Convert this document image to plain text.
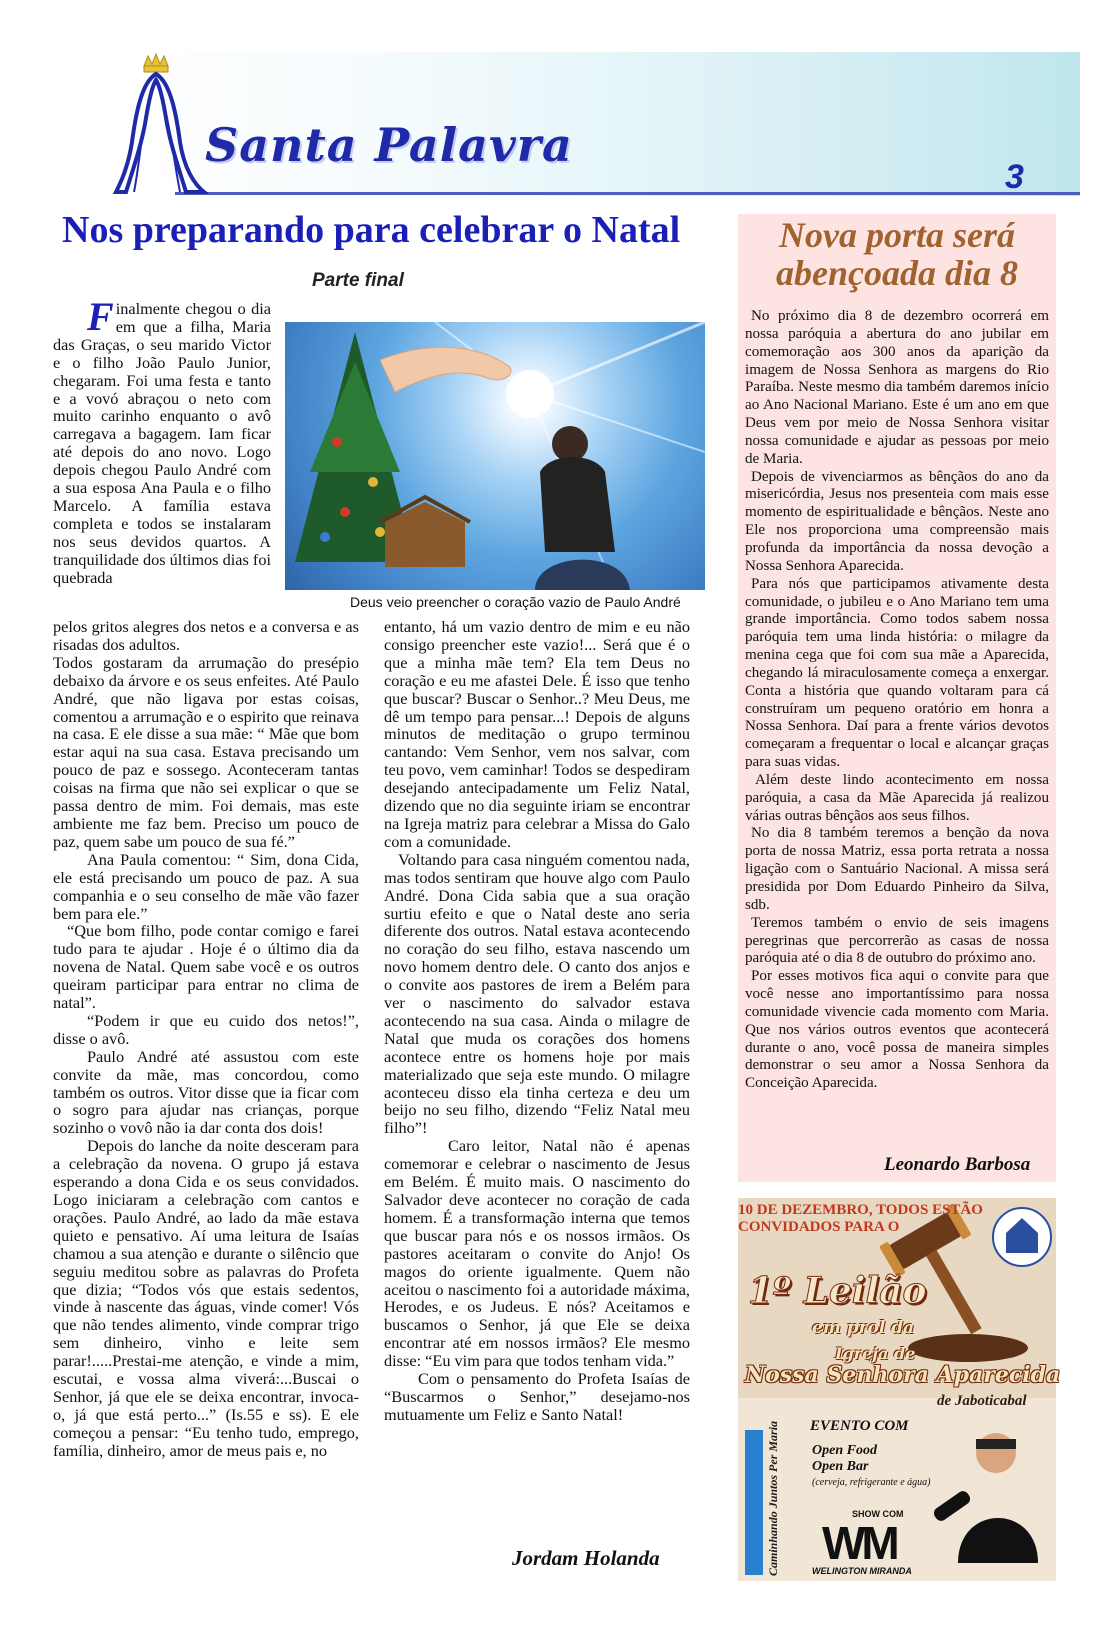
Santa Palavra
3
Nos preparando para celebrar o Natal
Parte final

Finalmente chegou o dia em que a filha, Maria das Graças, o seu marido Victor e o filho João Paulo Junior, chegaram. Foi uma festa e tanto e a vovó abraçou o neto com muito carinho enquanto o avô carregava a bagagem. Iam ficar até depois do ano novo. Logo depois chegou Paulo André com a sua esposa Ana Paula e o filho Marcelo. A família estava completa e todos se instalaram nos seus devidos quartos. A tranquilidade dos últimos dias foi quebrada

Deus veio preencher o coração vazio de Paulo André

pelos gritos alegres dos netos e a conversa e as risadas dos adultos.

Todos gostaram da arrumação do presépio debaixo da árvore e os seus enfeites. Até Paulo André, que não ligava por estas coisas, comentou a arrumação e o espirito que reinava na casa. E ele disse a sua mãe: “ Mãe que bom estar aqui na sua casa. Estava precisando um pouco de paz e sossego. Aconteceram tantas coisas na firma que não sei explicar o que se passa dentro de mim. Foi demais, mas este ambiente me faz bem. Preciso um pouco de paz, quem sabe um pouco de sua fé.”

Ana Paula comentou: “ Sim, dona Cida, ele está precisando um pouco de paz. A sua companhia e o seu conselho de mãe vão fazer bem para ele.”

“Que bom filho, pode contar comigo e farei tudo para te ajudar . Hoje é o último dia da novena de Natal. Quem sabe você e os outros queiram participar para entrar no clima de natal”.

“Podem ir que eu cuido dos netos!”, disse o avô.

Paulo André até assustou com este convite da mãe, mas concordou, como também os outros. Vitor disse que ia ficar com o sogro para ajudar nas crianças, porque sozinho o vovô não ia dar conta dos dois!

Depois do lanche da noite desceram para a celebração da novena. O grupo já estava esperando a dona Cida e os seus convidados. Logo iniciaram a celebração com cantos e orações. Paulo André, ao lado da mãe estava quieto e pensativo. Aí uma leitura de Isaías chamou a sua atenção e durante o silêncio que seguiu meditou sobre as palavras do Profeta que dizia; “Todos vós que estais sedentos, vinde à nascente das águas, vinde comer! Vós que não tendes alimento, vinde comprar trigo sem dinheiro, vinho e leite sem parar!.....Prestai-me atenção, e vinde a mim, escutai, e vossa alma viverá:...Buscai o Senhor, já que ele se deixa encontrar, invoca-o, já que está perto...” (Is.55 e ss). E ele começou a pensar: “Eu tenho tudo, emprego, família, dinheiro, amor de meus pais e, no

entanto, há um vazio dentro de mim e eu não consigo preencher este vazio!... Será que é o que a minha mãe tem? Ela tem Deus no coração e eu me afastei Dele. É isso que tenho que buscar? Buscar o Senhor..? Meu Deus, me dê um tempo para pensar...! Depois de alguns minutos de meditação o grupo terminou cantando: Vem Senhor, vem nos salvar, com teu povo, vem caminhar! Todos se despediram desejando antecipadamente um Feliz Natal, dizendo que no dia seguinte iriam se encontrar na Igreja matriz para celebrar a Missa do Galo com a comunidade.

Voltando para casa ninguém comentou nada, mas todos sentiram que houve algo com Paulo André. Dona Cida sabia que a sua oração surtiu efeito e que o Natal deste ano seria diferente dos outros. Natal estava acontecendo no coração do seu filho, estava nascendo um novo homem dentro dele. O canto dos anjos e o convite aos pastores de irem a Belém para ver o nascimento do salvador estava acontecendo na sua casa. Ainda o milagre de Natal que muda os corações dos homens acontece entre os homens hoje por mais materializado que seja este mundo. O milagre aconteceu disso ela tinha certeza e deu um beijo no seu filho, dizendo “Feliz Natal meu filho”!

Caro leitor, Natal não é apenas comemorar e celebrar o nascimento de Jesus em Belém. É muito mais. O nascimento do Salvador deve acontecer no coração de cada homem. É a transformação interna que temos que buscar para nós e os nossos irmãos. Os pastores aceitaram o convite do Anjo! Os magos do oriente igualmente. Quem não aceitou o nascimento foi a autoridade máxima, Herodes, e os Judeus. E nós? Aceitamos e buscamos o Senhor, já que Ele se deixa encontrar até em nossos irmãos? Ele mesmo disse: “Eu vim para que todos tenham vida.”

Com o pensamento do Profeta Isaías de “Buscarmos o Senhor,” desejamo-nos mutuamente um Feliz e Santo Natal!

Jordam Holanda
Nova porta será abençoada dia 8

No próximo dia 8 de dezembro ocorrerá em nossa paróquia a abertura do ano jubilar em comemoração aos 300 anos da aparição da imagem de Nossa Senhora as margens do Rio Paraíba. Neste mesmo dia também daremos início ao Ano Nacional Mariano. Este é um ano em que Deus vem por meio de Nossa Senhora visitar nossa comunidade e ajudar as pessoas por meio de Maria.

Depois de vivenciarmos as bênçãos do ano da misericórdia, Jesus nos presenteia com mais esse momento de espiritualidade e bênçãos. Neste ano Ele nos proporciona uma compreensão mais profunda da importância da nossa devoção a Nossa Senhora Aparecida.

Para nós que participamos ativamente desta comunidade, o jubileu e o Ano Mariano tem uma grande importância. Como todos sabem nossa paróquia tem uma linda história: o milagre da menina cega que foi com sua mãe a Aparecida, chegando lá miraculosamente começa a enxergar. Conta a história que quando voltaram para cá construíram um pequeno oratório em honra a Nossa Senhora. Daí para a frente vários devotos começaram a frequentar o local e alcançar graças para suas vidas.

Além deste lindo acontecimento em nossa paróquia, a casa da Mãe Aparecida já realizou várias outras bênçãos aos seus filhos.

No dia 8 também teremos a benção da nova porta de nossa Matriz, essa porta retrata a nossa ligação com o Santuário Nacional. A missa será presidida por Dom Eduardo Pinheiro da Silva, sdb.

Teremos também o envio de seis imagens peregrinas que percorrerão as casas de nossa paróquia até o dia 8 de outubro do próximo ano.

Por esses motivos fica aqui o convite para que você nesse ano importantíssimo para nossa comunidade vivencie cada momento com Maria. Que nos vários outros eventos que acontecerá durante o ano, você possa de maneira simples demonstrar o seu amor a Nossa Senhora da Conceição Aparecida.

Leonardo Barbosa
10 DE DEZEMBRO, TODOS ESTÃO CONVIDADOS PARA O
1º Leilão
em prol da
Igreja de
Nossa Senhora Aparecida
de Jaboticabal
Caminhando Juntos Per Maria EVENTO COM
Open Food
Open Bar
(cerveja, refrigerante e água)
SHOW COM
WM
WELINGTON MIRANDA
